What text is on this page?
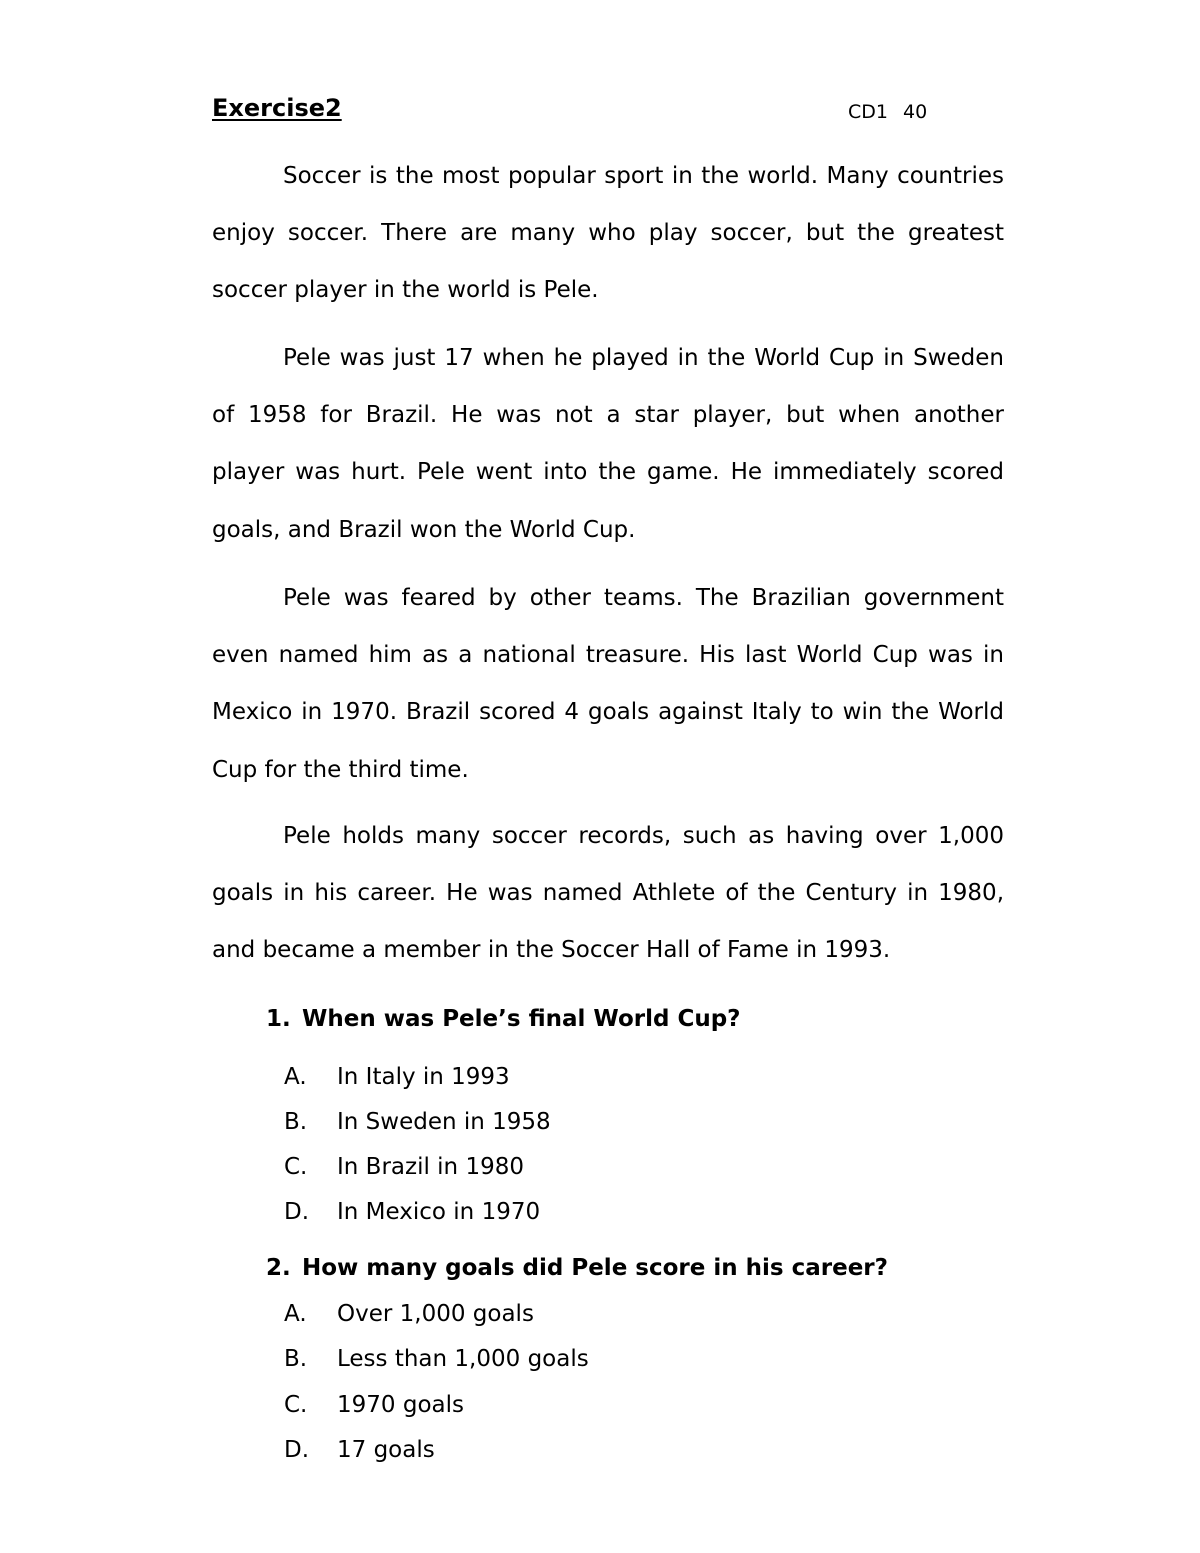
Exercise2	CD1 40

Soccer is the most popular sport in the world. Many countries enjoy soccer. There are many who play soccer, but the greatest soccer player in the world is Pele.

Pele was just 17 when he played in the World Cup in Sweden of 1958 for Brazil. He was not a star player, but when another player was hurt. Pele went into the game. He immediately scored goals, and Brazil won the World Cup.

Pele was feared by other teams. The Brazilian government even named him as a national treasure. His last World Cup was in Mexico in 1970. Brazil scored 4 goals against Italy to win the World Cup for the third time.

Pele holds many soccer records, such as having over 1,000 goals in his career. He was named Athlete of the Century in 1980, and became a member in the Soccer Hall of Fame in 1993.

1. When was Pele’s final World Cup?
A. In Italy in 1993
B. In Sweden in 1958
C. In Brazil in 1980
D. In Mexico in 1970
2. How many goals did Pele score in his career?
A. Over 1,000 goals
B. Less than 1,000 goals
C. 1970 goals
D. 17 goals
